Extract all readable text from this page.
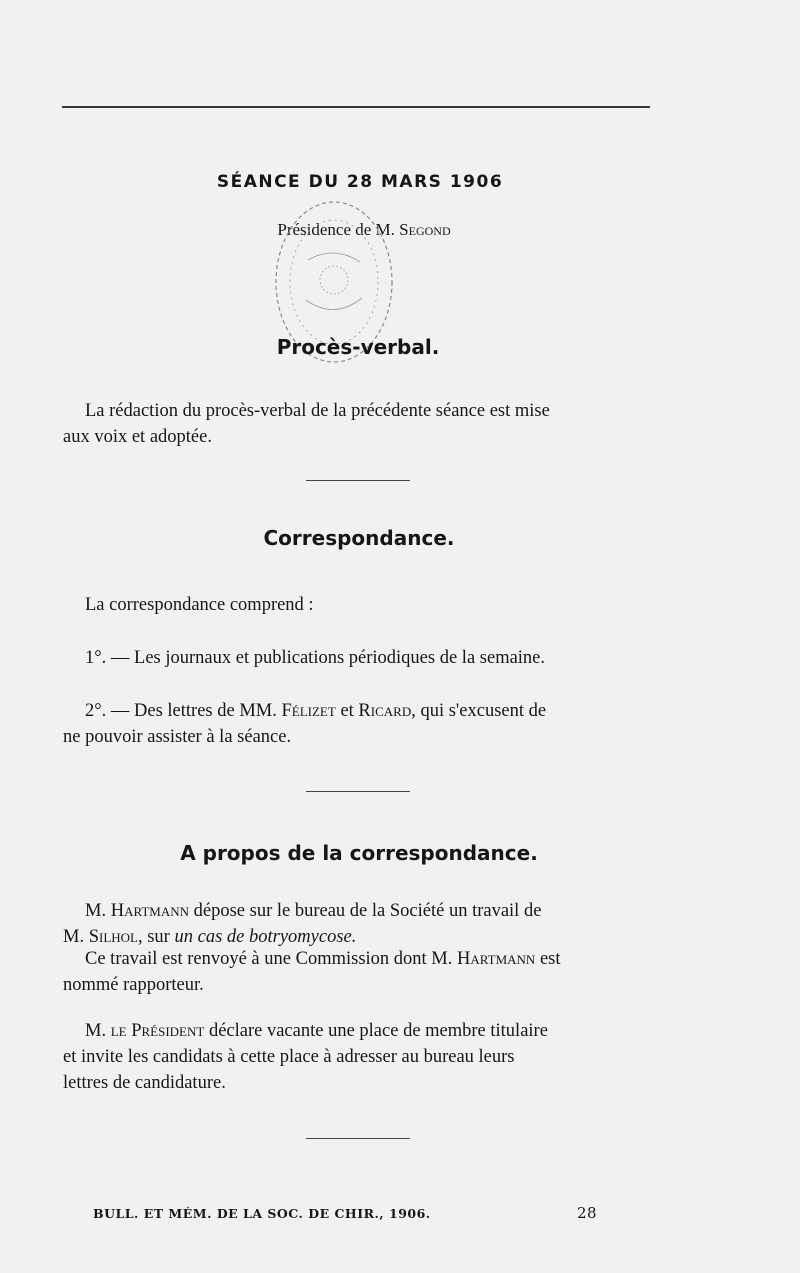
SÉANCE DU 28 MARS 1906
Présidence de M. Segond
Procès-verbal.
La rédaction du procès-verbal de la précédente séance est mise
aux voix et adoptée.
Correspondance.
La correspondance comprend :
1°. — Les journaux et publications périodiques de la semaine.
2°. — Des lettres de MM. Félizet et Ricard, qui s'excusent de
ne pouvoir assister à la séance.
A propos de la correspondance.
M. Hartmann dépose sur le bureau de la Société un travail de
M. Silhol, sur un cas de botryomycose.
Ce travail est renvoyé à une Commission dont M. Hartmann est
nommé rapporteur.
M. le Président déclare vacante une place de membre titulaire
et invite les candidats à cette place à adresser au bureau leurs
lettres de candidature.
BULL. ET MÉM. DE LA SOC. DE CHIR., 1906.	28
